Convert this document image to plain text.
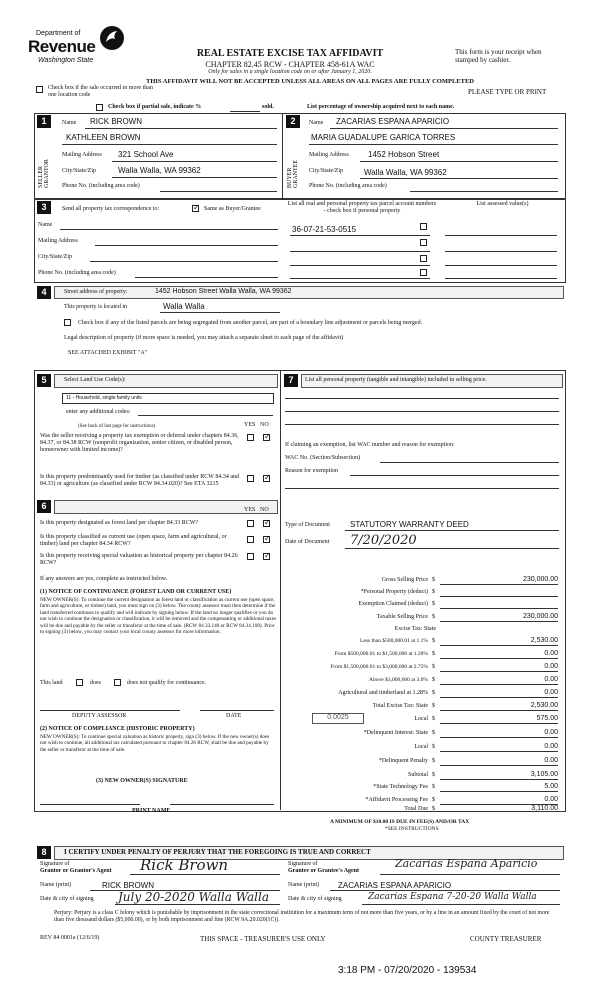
Department of
Revenue
Washington State
REAL ESTATE EXCISE TAX AFFIDAVIT
CHAPTER 82.45 RCW - CHAPTER 458-61A WAC
Only for sales in a single location code on or after January 1, 2020.
This form is your receipt when stamped by cashier.
THIS AFFIDAVIT WILL NOT BE ACCEPTED UNLESS ALL AREAS ON ALL PAGES ARE FULLY COMPLETED
Check box if the sale occurred in more than one location code	PLEASE TYPE OR PRINT
Check box if partial sale, indicate %	sold.	List percentage of ownership acquired next to each name.
1
SELLER GRANTOR
Name RICK BROWN
KATHLEEN BROWN
Mailing Address 321 School Ave
City/State/Zip	Walla Walla, WA 99362
Phone No. (including area code)
2
BUYER GRANTEE
Name ZACARIAS ESPANA APARICIO
MARIA GUADALUPE GARICA TORRES
Mailing Address 1452 Hobson Street
City/State/Zip	Walla Walla, WA 99362
Phone No. (including area code)
3	Send all property tax correspondence to:
✓	Same as Buyer/Grantee
Name
Mailing Address
City/State/Zip
Phone No. (including area code)
List all real and personal property tax parcel account numbers - check box if personal property
List assessed value(s)
36-07-21-53-0515
4	Street address of property:	1452 Hobson Street Walla Walla, WA 99362
This property is located in	Walla Walla
Check box if any of the listed parcels are being segregated from another parcel, are part of a boundary line adjustment or parcels being merged.
Legal description of property (if more space is needed, you may attach a separate sheet to each page of the affidavit)
SEE ATTACHED EXHIBIT "A"
5	Select Land Use Code(s):
11 - Household, single family units
enter any additional codes:
(See back of last page for instructions)	YES NO
Was the seller receiving a property tax exemption or deferral under chapters 84.36, 84.37, or 84.38 RCW (nonprofit organization, senior citizen, or disabled person, homeowner with limited income)?
✓
Is this property predominantly used for timber (as classified under RCW 84.34 and 84.33) or agriculture (as classified under RCW 84.34.020)? See ETA 3215
✓
6	YES NO
Is this property designated as forest land per chapter 84.33 RCW?
✓
Is this property classified as current use (open space, farm and agricultural, or timber) land per chapter 84.34 RCW?
✓
Is this property receiving special valuation as historical property per chapter 84.26 RCW?
✓
If any answers are yes, complete as instructed below.
(1) NOTICE OF CONTINUANCE (FOREST LAND OR CURRENT USE)
NEW OWNER(S): To continue the current designation as forest land or classification as current use (open space, farm and agriculture, or timber) land, you must sign on (3) below. The county assessor must then determine if the land transferred continues to qualify and will indicate by signing below. If the land no longer qualifies or you do not wish to continue the designation or classification, it will be removed and the compensating or additional taxes will be due and payable by the seller or transferor at the time of sale. (RCW 84.33.140 or RCW 84.34.108). Prior to signing (3) below, you may contact your local county assessor for more information.
This land	does	does not qualify for continuance.
DEPUTY ASSESSOR	DATE
(2) NOTICE OF COMPLIANCE (HISTORIC PROPERTY)
NEW OWNER(S): To continue special valuation as historic property, sign (3) below. If the new owner(s) does not wish to continue, all additional tax calculated pursuant to chapter 84.26 RCW, shall be due and payable by the seller or transferor at the time of sale.
(3) NEW OWNER(S) SIGNATURE
PRINT NAME
7	List all personal property (tangible and intangible) included in selling price.
If claiming an exemption, list WAC number and reason for exemption:
WAC No. (Section/Subsection)
Reason for exemption
Type of Document	STATUTORY WARRANTY DEED
Date of Document 7/20/2020
Gross Selling Price $	230,000.00
*Personal Property (deduct) $
Exemption Claimed (deduct) $
Taxable Selling Price $	230,000.00
Excise Tax: State
Less than $500,000.01 at 1.1% $	2,530.00
From $500,000.01 to $1,500,000 at 1.28% $	0.00
From $1,500,000.01 to $3,000,000 at 2.75% $	0.00
Above $3,000,000 at 3.0% $	0.00
Agricultural and timberland at 1.28% $	0.00
Total Excise Tax: State $	2,530.00
0.0025	Local $	575.00
*Delinquent Interest: State $	0.00
Local $	0.00
*Delinquent Penalty $	0.00
Subtotal $	3,105.00
*State Technology Fee $	5.00
*Affidavit Processing Fee $	0.00
Total Due $	3,110.00
A MINIMUM OF $10.00 IS DUE IN FEE(S) AND/OR TAX
*SEE INSTRUCTIONS
8	I CERTIFY UNDER PENALTY OF PERJURY THAT THE FOREGOING IS TRUE AND CORRECT
Signature of
Grantor or Grantor's Agent Rick Brown
Name (print)	RICK BROWN
Date & city of signing July 20-2020 Walla Walla
Signature of
Grantee or Grantee's Agent
Zacarias Espana Aparicio
Name (print) ZACARIAS ESPANA APARICIO
Date & city of signing	Zacarias Espana 7-20-20 Walla Walla
Perjury: Perjury is a class C felony which is punishable by imprisonment in the state correctional institution for a maximum term of not more than five years, or by a fine in an amount fixed by the court of not more than five thousand dollars ($5,000.00), or by both imprisonment and fine (RCW 9A.20.020(1C)).
REV 84 0001a (12/6/19)	THIS SPACE - TREASURER'S USE ONLY	COUNTY TREASURER
3:18 PM - 07/20/2020 - 139534
